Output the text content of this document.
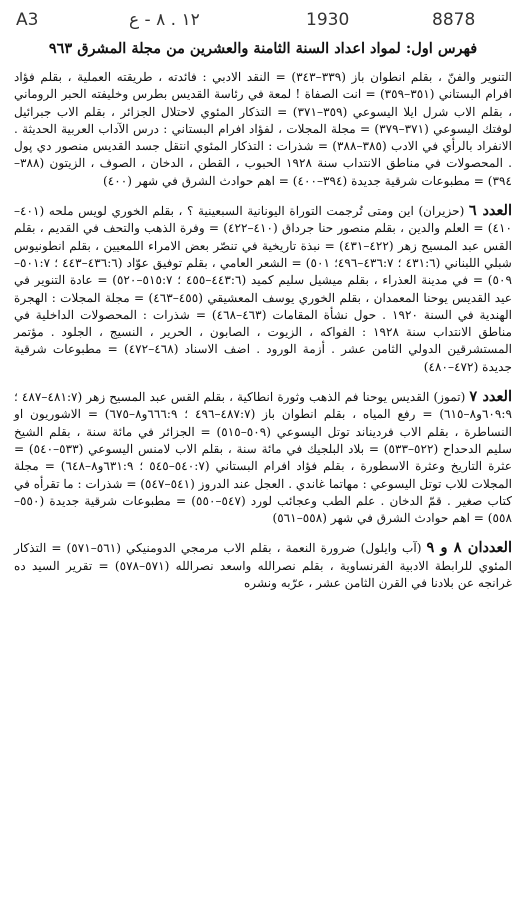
A3	١٢ . ٨ - ع	1930	8878
فهرس اول: لمواد اعداد السنة الثامنة والعشرين من مجلة المشرق ٩٦٣

التنوير والفنّ ، بقلم انطوان باز (٣٣٩–٣٤٣) = النقد الادبي : فائدته ، طريقته العملية ، بقلم فؤاد افرام البستاني (٣٥١–٣٥٩) = انت الصفاة ! لمعة في رئاسة القديس بطرس وخليفته الحبر الروماني ، بقلم الاب شرل ايلا اليسوعي (٣٥٩–٣٧١) = التذكار المئوي لاحتلال الجزائر ، بقلم الاب جبرائيل لوفتك اليسوعي (٣٧١–٣٧٩) = مجلة المجلات ، لفؤاد افرام البستاني : درس الآداب العربية الحديثة . الانفراد بالرأي في الادب (٣٨٥–٣٨٨) = شذرات : التذكار المئوي انتقل جسد القديس منصور دي پول . المحصولات في مناطق الانتداب سنة ١٩٢٨ الحبوب ، القطن ، الدخان ، الصوف ، الزيتون (٣٨٨–٣٩٤) = مطبوعات شرقية جديدة (٣٩٤–٤٠٠) = اهم حوادث الشرق في شهر (٤٠٠)

العدد ٦ (حزيران) اين ومتى تُرجمت التوراة اليونانية السبعينية ؟ ، بقلم الخوري لويس ملحه (٤٠١–٤١٠) = العلم والدين ، بقلم منصور حنا جرداق (٤١٠–٤٢٢) = وفرة الذهب والتحف في القديم ، بقلم القس عبد المسيح زهر (٤٢٢–٤٣١) = نبذة تاريخية في تنصّر بعض الامراء اللمعيين ، بقلم انطونيوس شبلي اللبناني (٤٣١:٦ ؛ ٤٣٦:٧–٤٩٦؛ ٥٠١) = الشعر العامي ، بقلم توفيق عوّاد (٤٣٦:٦–٤٤٣ ؛ ٥٠١:٧–٥٠٩) = في مدينة العذراء ، بقلم ميشيل سليم كميد (٤٤٣:٦–٤٥٥ ؛ ٥١٥:٧–٥٢٠) = عادة التنوير في عيد القديس يوحنا المعمدان ، بقلم الخوري يوسف المعشيقي (٤٥٥–٤٦٣) = مجلة المجلات : الهجرة الهندية في السنة ١٩٢٠ . حول نشأة المقامات (٤٦٣–٤٦٨) = شذرات : المحصولات الداخلية في مناطق الانتداب سنة ١٩٢٨ : الفواكه ، الزيوت ، الصابون ، الحرير ، النسيج ، الجلود . مؤتمر المستشرقين الدولي الثامن عشر . أزمة الورود . اضف الاسناد (٤٦٨–٤٧٢) = مطبوعات شرقية جديدة (٤٧٢–٤٨٠)

العدد ٧ (تموز) القديس يوحنا فم الذهب وثورة انطاكية ، بقلم القس عبد المسيح زهر (٤٨١:٧–٤٨٧ ؛ ٦٠٩:٩و٨–٦١٥) = رفع المياه ، بقلم انطوان باز (٤٨٧:٧–٤٩٦ ؛ ٦٦٦:٩و٨–٦٧٥) = الاشوريون او النساطرة ، بقلم الاب فرديناند توتل اليسوعي (٥٠٩–٥١٥) = الجزائر في مائة سنة ، بقلم الشيخ سليم الدحداح (٥٢٢–٥٣٣) = بلاد البلجيك في مائة سنة ، بقلم الاب لامنس اليسوعي (٥٣٣–٥٤٠) = عثرة التاريخ وعثرة الاسطورة ، بقلم فؤاد افرام البستاني (٥٤٠:٧–٥٤٥ ؛ ٦٣١:٩و٨–٦٤٨) = مجلة المجلات للاب توتل اليسوعي : مهاتما غاندي . العجل عند الدروز (٥٤١–٥٤٧) = شذرات : ما تقرأه في كتاب صغير . قمّ الدخان . علم الطب وعجائب لورد (٥٤٧–٥٥٠) = مطبوعات شرقية جديدة (٥٥٠–٥٥٨) = اهم حوادث الشرق في شهر (٥٥٨–٥٦١)

العددان ٨ و ٩ (آب وايلول) ضرورة النعمة ، بقلم الاب مرمجي الدومنيكي (٥٦١–٥٧١) = التذكار المئوي للرابطة الادبية الفرنساوية ، بقلم نصرالله واسعد نصرالله (٥٧١–٥٧٨) = تقرير السيد ده غرانجه عن بلادنا في القرن الثامن عشر ، عرّبه ونشره
